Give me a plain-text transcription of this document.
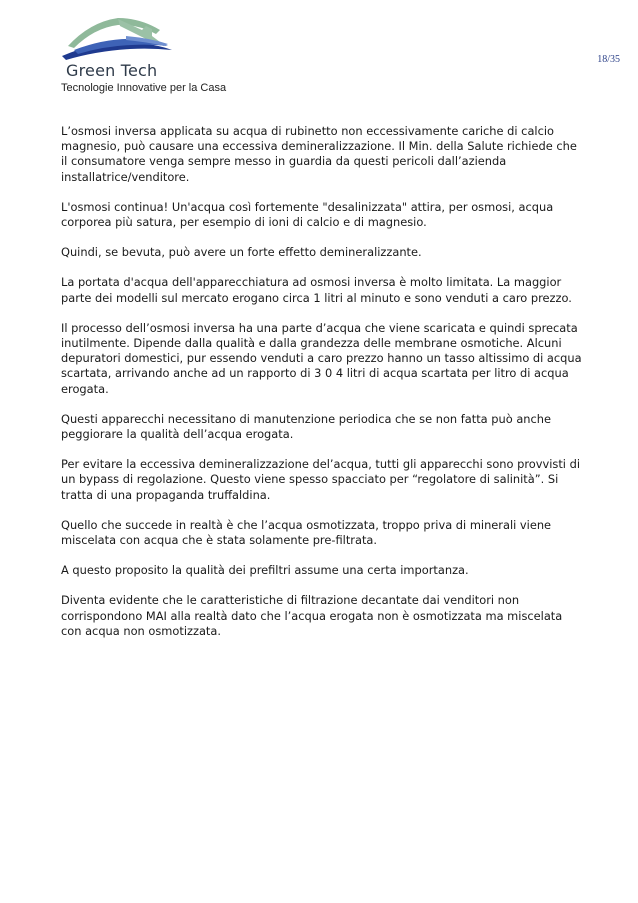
Green Tech
Tecnologie Innovative per la Casa
18/35

L’osmosi inversa applicata su acqua di rubinetto non eccessivamente cariche di calcio magnesio, può causare una eccessiva demineralizzazione. Il Min. della Salute richiede che il consumatore venga sempre messo in guardia da questi pericoli dall’azienda installatrice/venditore.

L'osmosi continua! Un'acqua così fortemente "desalinizzata" attira, per osmosi, acqua corporea più satura, per esempio di ioni di calcio e di magnesio.

Quindi, se bevuta, può avere un forte effetto demineralizzante.

La portata d'acqua dell'apparecchiatura ad osmosi inversa è molto limitata. La maggior parte dei modelli sul mercato erogano circa 1 litri al minuto e sono venduti a caro prezzo.

Il processo dell’osmosi inversa ha una parte d’acqua che viene scaricata e quindi sprecata inutilmente. Dipende dalla qualità e dalla grandezza delle membrane osmotiche. Alcuni depuratori domestici, pur essendo venduti a caro prezzo hanno un tasso altissimo di acqua scartata, arrivando anche ad un rapporto di 3 0 4 litri di acqua scartata per litro di acqua erogata.

Questi apparecchi necessitano di manutenzione periodica che se non fatta può anche peggiorare la qualità dell’acqua erogata.

Per evitare la eccessiva demineralizzazione del’acqua, tutti gli apparecchi sono provvisti di un bypass di regolazione. Questo viene spesso spacciato per “regolatore di salinità”. Si tratta di una propaganda truffaldina.

Quello che succede in realtà è che l’acqua osmotizzata, troppo priva di minerali viene miscelata con acqua che è stata solamente pre-filtrata.

A questo proposito la qualità dei prefiltri assume una certa importanza.

Diventa evidente che le caratteristiche di filtrazione decantate dai venditori non corrispondono MAI alla realtà dato che l’acqua erogata non è osmotizzata ma miscelata con acqua non osmotizzata.
